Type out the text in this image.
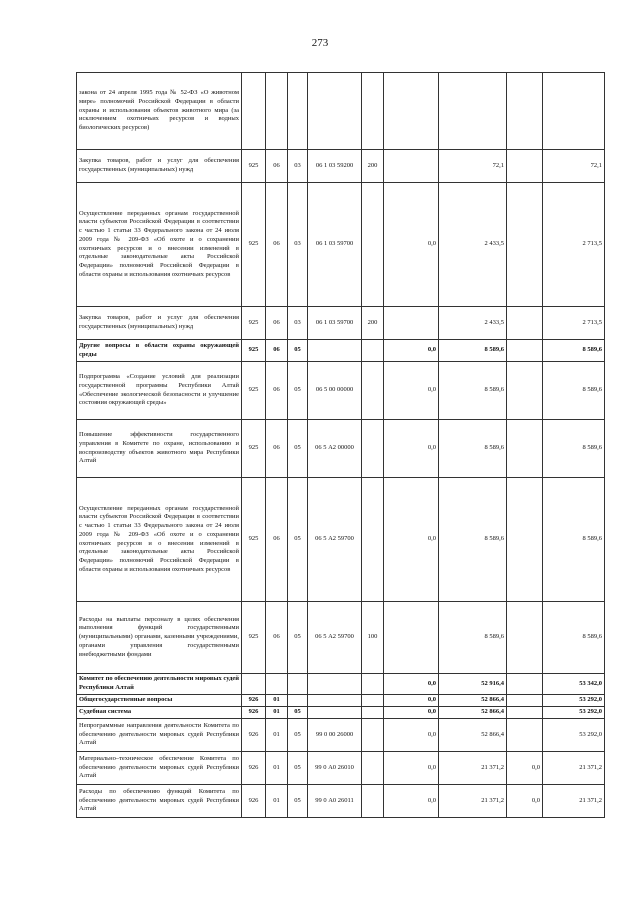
273
закона от 24 апреля 1995 года № 52-ФЗ «О животном мире» полномочий Российской Федерации в области охраны и использования объектов животного мира (за исключением охотничьих ресурсов и водных биологических ресурсов)									
Закупка товаров, работ и услуг для обеспечения государственных (муниципальных) нужд	925	06	03	06 1 03 59200	200		72,1		72,1
Осуществление переданных органам государственной власти субъектов Российской Федерации в соответствии с частью 1 статьи 33 Федерального закона от 24 июля 2009 года № 209-ФЗ «Об охоте и о сохранении охотничьих ресурсов и о внесении изменений в отдельные законодательные акты Российской Федерации» полномочий Российской Федерации в области охраны и использования охотничьих ресурсов	925	06	03	06 1 03 59700		0,0	2 433,5		2 713,5
Закупка товаров, работ и услуг для обеспечения государственных (муниципальных) нужд	925	06	03	06 1 03 59700	200		2 433,5		2 713,5
Другие вопросы в области охраны окружающей среды	925	06	05			0,0	8 589,6		8 589,6
Подпрограмма «Создание условий для реализации государственной программы Республики Алтай «Обеспечение экологической безопасности и улучшение состояния окружающей среды»	925	06	05	06 5 00 00000		0,0	8 589,6		8 589,6
Повышение эффективности государственного управления в Комитете по охране, использованию и воспроизводству объектов животного мира Республики Алтай	925	06	05	06 5 А2 00000		0,0	8 589,6		8 589,6
Осуществление переданных органам государственной власти субъектов Российской Федерации в соответствии с частью 1 статьи 33 Федерального закона от 24 июля 2009 года № 209-ФЗ «Об охоте и о сохранении охотничьих ресурсов и о внесении изменений в отдельные законодательные акты Российской Федерации» полномочий Российской Федерации в области охраны и использования охотничьих ресурсов	925	06	05	06 5 А2 59700		0,0	8 589,6		8 589,6
Расходы на выплаты персоналу в целях обеспечения выполнения функций государственными (муниципальными) органами, казенными учреждениями, органами управления государственными внебюджетными фондами	925	06	05	06 5 А2 59700	100		8 589,6		8 589,6
Комитет по обеспечению деятельности мировых судей Республики Алтай						0,0	52 916,4		53 342,0
Общегосударственные вопросы	926	01				0,0	52 866,4		53 292,0
Судебная система	926	01	05			0,0	52 866,4		53 292,0
Непрограммные направления деятельности Комитета по обеспечению деятельности мировых судей Республики Алтай	926	01	05	99 0 00 26000		0,0	52 866,4		53 292,0
Материально–техническое обеспечение Комитета по обеспечению деятельности мировых судей Республики Алтай	926	01	05	99 0 А0 26010		0,0	21 371,2	0,0	21 371,2
Расходы по обеспечению функций Комитета по обеспечению деятельности мировых судей Республики Алтай	926	01	05	99 0 А0 26011		0,0	21 371,2	0,0	21 371,2
